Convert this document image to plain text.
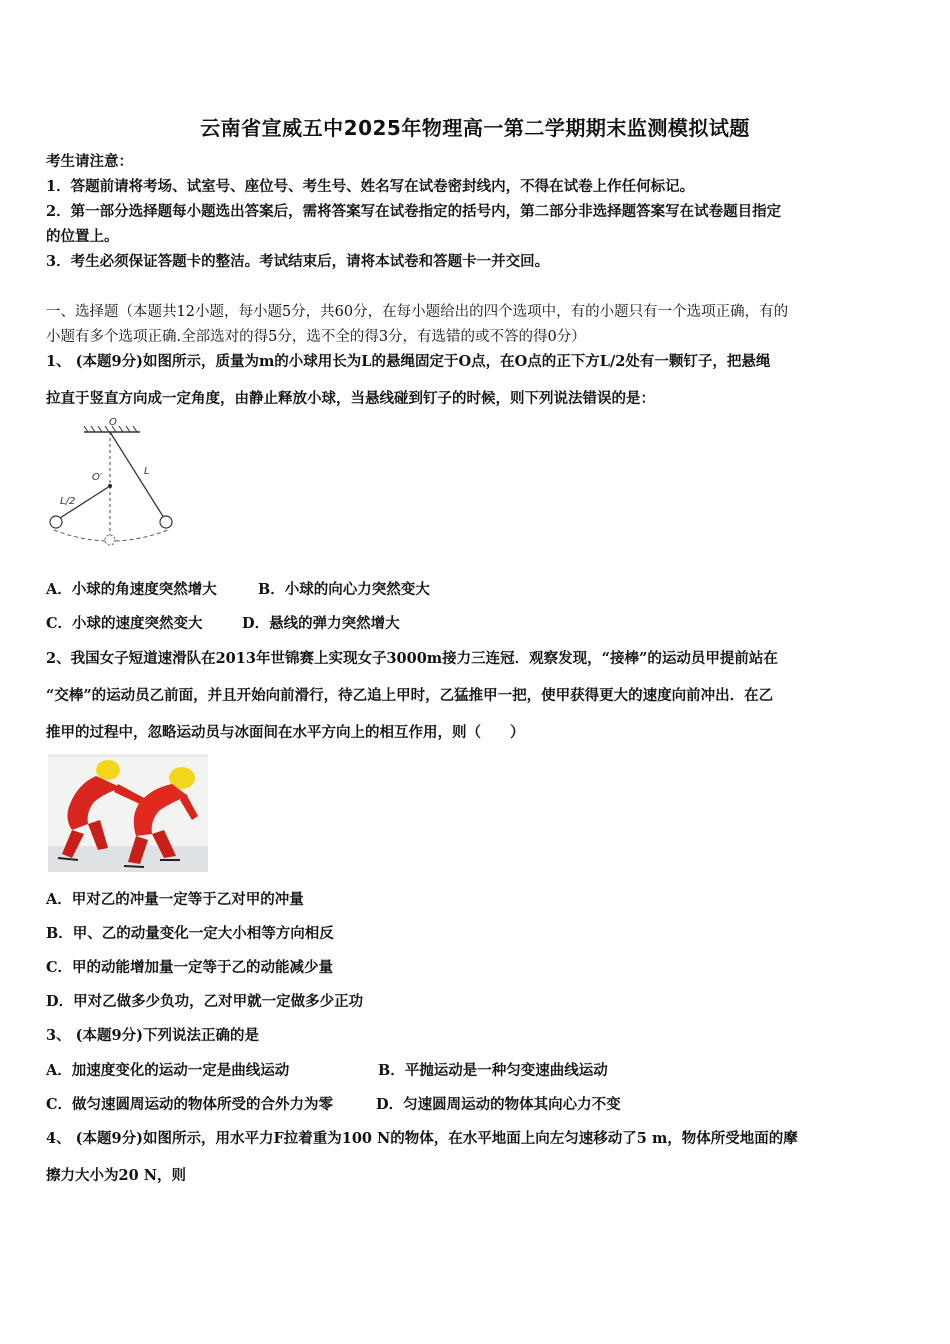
云南省宣威五中2025年物理高一第二学期期末监测模拟试题
考生请注意：
1．答题前请将考场、试室号、座位号、考生号、姓名写在试卷密封线内，不得在试卷上作任何标记。
2．第一部分选择题每小题选出答案后，需将答案写在试卷指定的括号内，第二部分非选择题答案写在试卷题目指定
的位置上。
3．考生必须保证答题卡的整洁。考试结束后，请将本试卷和答题卡一并交回。
一、选择题（本题共12小题，每小题5分，共60分，在每小题给出的四个选项中，有的小题只有一个选项正确，有的
小题有多个选项正确.全部选对的得5分，选不全的得3分，有选错的或不答的得0分）
1、 (本题9分)如图所示，质量为m的小球用长为L的悬绳固定于O点，在O点的正下方L/2处有一颗钉子，把悬绳
拉直于竖直方向成一定角度，由静止释放小球，当悬线碰到钉子的时候，则下列说法错误的是：
O
L
O′
L/2
A．小球的角速度突然增大	B．小球的向心力突然变大
C．小球的速度突然变大	D．悬线的弹力突然增大
2、我国女子短道速滑队在2013年世锦赛上实现女子3000m接力三连冠．观察发现，“接棒”的运动员甲提前站在
“交棒”的运动员乙前面，并且开始向前滑行，待乙追上甲时，乙猛推甲一把，使甲获得更大的速度向前冲出．在乙
推甲的过程中，忽略运动员与冰面间在水平方向上的相互作用，则（　　）
A．甲对乙的冲量一定等于乙对甲的冲量
B．甲、乙的动量变化一定大小相等方向相反
C．甲的动能增加量一定等于乙的动能减少量
D．甲对乙做多少负功，乙对甲就一定做多少正功
3、 (本题9分)下列说法正确的是
A．加速度变化的运动一定是曲线运动	B．平抛运动是一种匀变速曲线运动
C．做匀速圆周运动的物体所受的合外力为零	D．匀速圆周运动的物体其向心力不变
4、 (本题9分)如图所示，用水平力F拉着重为100 N的物体，在水平地面上向左匀速移动了5 m，物体所受地面的摩
擦力大小为20 N，则
